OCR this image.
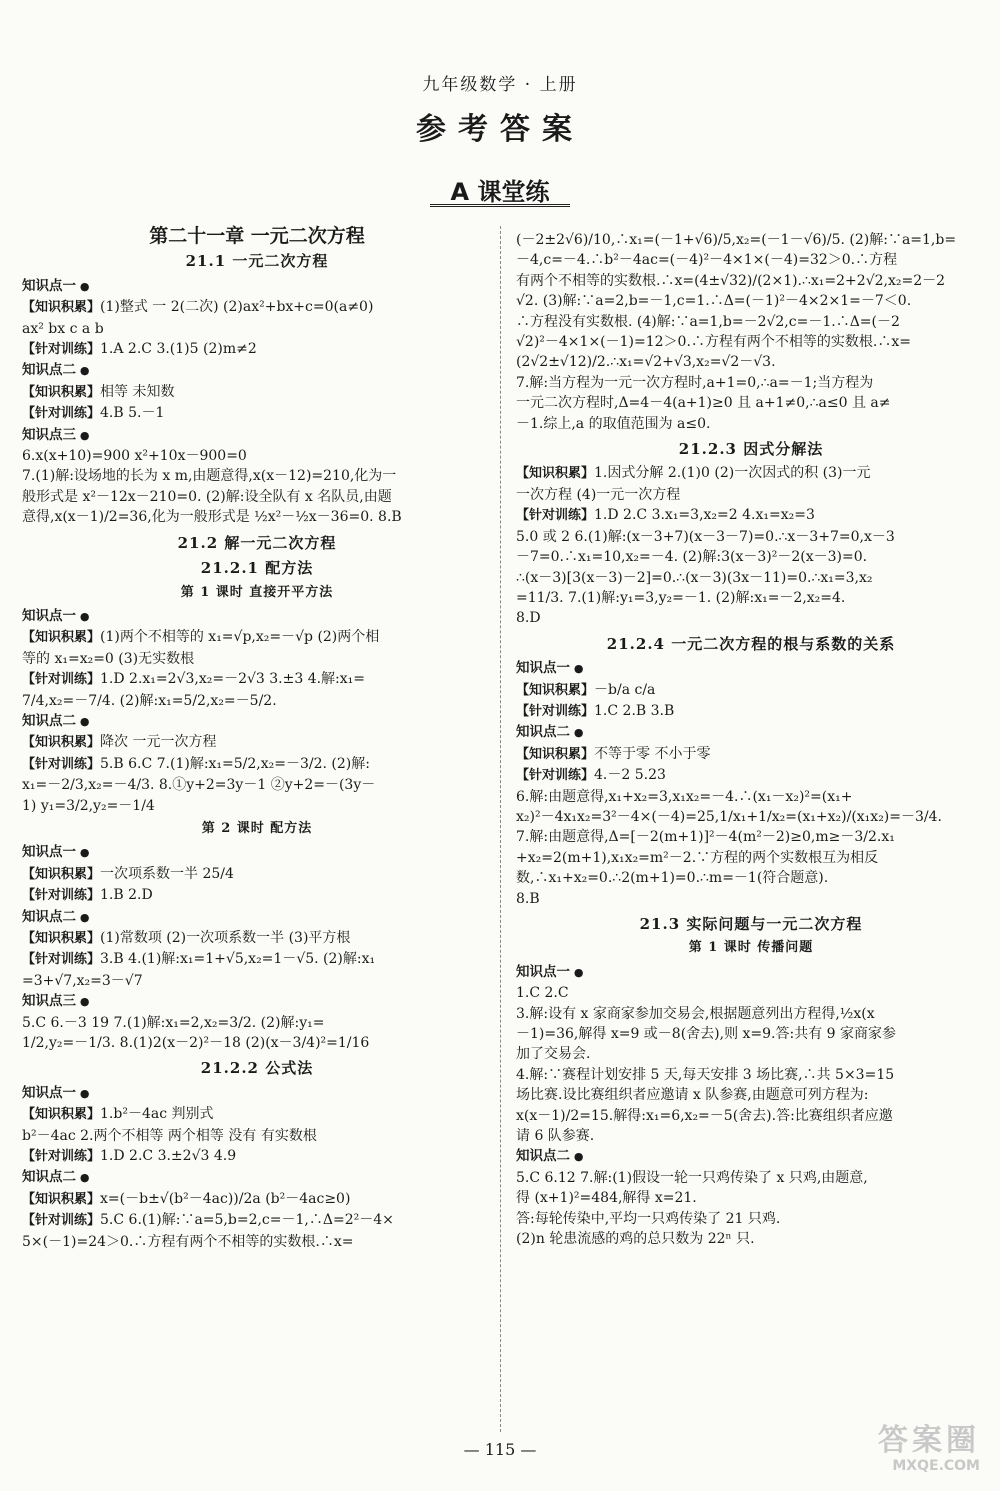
九年级数学 · 上册
参考答案
A 课堂练
第二十一章 一元二次方程
21.1 一元二次方程
知识点一 ●
【知识积累】(1)整式 一 2(二次) (2)ax²+bx+c=0(a≠0)
ax² bx c a b
【针对训练】1.A 2.C 3.(1)5 (2)m≠2
知识点二 ●
【知识积累】相等 未知数
【针对训练】4.B 5.－1
知识点三 ●
6.x(x+10)=900 x²+10x－900=0
7.(1)解:设场地的长为 x m,由题意得,x(x－12)=210,化为一
般形式是 x²－12x－210=0. (2)解:设全队有 x 名队员,由题
意得,x(x－1)/2=36,化为一般形式是 ½x²－½x－36=0. 8.B
21.2 解一元二次方程
21.2.1 配方法
第 1 课时 直接开平方法
知识点一 ●
【知识积累】(1)两个不相等的 x₁=√p,x₂=－√p (2)两个相
等的 x₁=x₂=0 (3)无实数根
【针对训练】1.D 2.x₁=2√3,x₂=－2√3 3.±3 4.解:x₁=
7/4,x₂=－7/4. (2)解:x₁=5/2,x₂=－5/2.
知识点二 ●
【知识积累】降次 一元一次方程
【针对训练】5.B 6.C 7.(1)解:x₁=5/2,x₂=－3/2. (2)解:
x₁=－2/3,x₂=－4/3. 8.①y+2=3y－1 ②y+2=－(3y－
1) y₁=3/2,y₂=－1/4
第 2 课时 配方法
知识点一 ●
【知识积累】一次项系数一半 25/4
【针对训练】1.B 2.D
知识点二 ●
【知识积累】(1)常数项 (2)一次项系数一半 (3)平方根
【针对训练】3.B 4.(1)解:x₁=1+√5,x₂=1－√5. (2)解:x₁
=3+√7,x₂=3－√7
知识点三 ●
5.C 6.－3 19 7.(1)解:x₁=2,x₂=3/2. (2)解:y₁=
1/2,y₂=－1/3. 8.(1)2(x－2)²－18 (2)(x－3/4)²=1/16
21.2.2 公式法
知识点一 ●
【知识积累】1.b²－4ac 判别式
b²－4ac 2.两个不相等 两个相等 没有 有实数根
【针对训练】1.D 2.C 3.±2√3 4.9
知识点二 ●
【知识积累】x=(－b±√(b²－4ac))/2a (b²－4ac≥0)
【针对训练】5.C 6.(1)解:∵a=5,b=2,c=－1,∴Δ=2²－4×
5×(－1)=24＞0.∴方程有两个不相等的实数根.∴x=
(－2±2√6)/10,∴x₁=(－1+√6)/5,x₂=(－1－√6)/5. (2)解:∵a=1,b=
－4,c=－4.∴b²－4ac=(－4)²－4×1×(－4)=32＞0.∴方程
有两个不相等的实数根.∴x=(4±√32)/(2×1).∴x₁=2+2√2,x₂=2－2
√2. (3)解:∵a=2,b=－1,c=1.∴Δ=(－1)²－4×2×1=－7＜0.
∴方程没有实数根. (4)解:∵a=1,b=－2√2,c=－1.∴Δ=(－2
√2)²－4×1×(－1)=12＞0.∴方程有两个不相等的实数根.∴x=
(2√2±√12)/2.∴x₁=√2+√3,x₂=√2－√3.
7.解:当方程为一元一次方程时,a+1=0,∴a=－1;当方程为
一元二次方程时,Δ=4－4(a+1)≥0 且 a+1≠0,∴a≤0 且 a≠
－1.综上,a 的取值范围为 a≤0.
21.2.3 因式分解法
【知识积累】1.因式分解 2.(1)0 (2)一次因式的积 (3)一元
一次方程 (4)一元一次方程
【针对训练】1.D 2.C 3.x₁=3,x₂=2 4.x₁=x₂=3
5.0 或 2 6.(1)解:(x－3+7)(x－3－7)=0.∴x－3+7=0,x－3
－7=0.∴x₁=10,x₂=－4. (2)解:3(x－3)²－2(x－3)=0.
∴(x－3)[3(x－3)－2]=0.∴(x－3)(3x－11)=0.∴x₁=3,x₂
=11/3. 7.(1)解:y₁=3,y₂=－1. (2)解:x₁=－2,x₂=4.
8.D
21.2.4 一元二次方程的根与系数的关系
知识点一 ●
【知识积累】－b/a c/a
【针对训练】1.C 2.B 3.B
知识点二 ●
【知识积累】不等于零 不小于零
【针对训练】4.－2 5.23
6.解:由题意得,x₁+x₂=3,x₁x₂=－4.∴(x₁－x₂)²=(x₁+
x₂)²－4x₁x₂=3²－4×(－4)=25,1/x₁+1/x₂=(x₁+x₂)/(x₁x₂)=－3/4.
7.解:由题意得,Δ=[－2(m+1)]²－4(m²－2)≥0,m≥－3/2.x₁
+x₂=2(m+1),x₁x₂=m²－2.∵方程的两个实数根互为相反
数,∴x₁+x₂=0.∴2(m+1)=0.∴m=－1(符合题意).
8.B
21.3 实际问题与一元二次方程
第 1 课时 传播问题
知识点一 ●
1.C 2.C
3.解:设有 x 家商家参加交易会,根据题意列出方程得,½x(x
－1)=36,解得 x=9 或－8(舍去),则 x=9.答:共有 9 家商家参
加了交易会.
4.解:∵赛程计划安排 5 天,每天安排 3 场比赛,∴共 5×3=15
场比赛.设比赛组织者应邀请 x 队参赛,由题意可列方程为:
x(x－1)/2=15.解得:x₁=6,x₂=－5(舍去).答:比赛组织者应邀
请 6 队参赛.
知识点二 ●
5.C 6.12 7.解:(1)假设一轮一只鸡传染了 x 只鸡,由题意,
得 (x+1)²=484,解得 x=21.
答:每轮传染中,平均一只鸡传染了 21 只鸡.
(2)n 轮患流感的鸡的总只数为 22ⁿ 只.
— 115 —	答案圈
MXQE.COM
